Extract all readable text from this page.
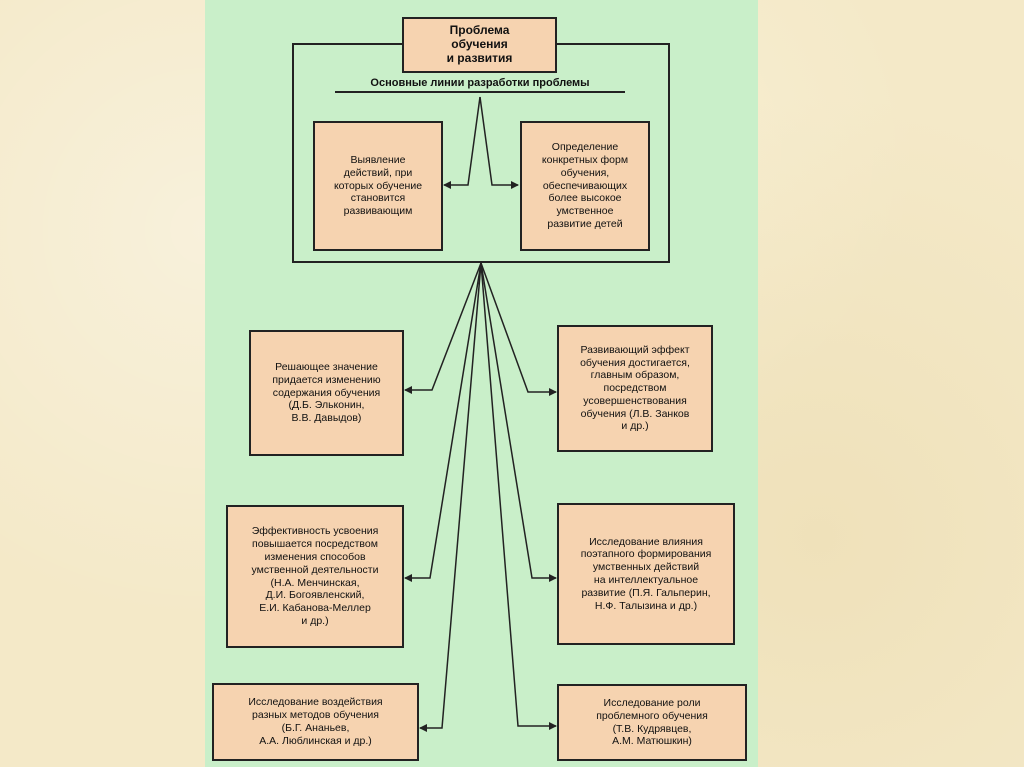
Проблема
обучения
и развития
Основные линии разработки проблемы
Выявление
действий, при
которых обучение
становится
развивающим
Определение
конкретных форм
обучения,
обеспечивающих
более высокое
умственное
развитие детей
Решающее значение
придается изменению
содержания обучения
(Д.Б. Эльконин,
В.В. Давыдов)
Развивающий эффект
обучения достигается,
главным образом,
посредством
усовершенствования
обучения (Л.В. Занков
и др.)
Эффективность усвоения
повышается посредством
изменения способов
умственной деятельности
(Н.А. Менчинская,
Д.И. Богоявленский,
Е.И. Кабанова-Меллер
и др.)
Исследование влияния
поэтапного формирования
умственных действий
на интеллектуальное
развитие (П.Я. Гальперин,
Н.Ф. Талызина и др.)
Исследование воздействия
разных методов обучения
(Б.Г. Ананьев,
А.А. Люблинская и др.)
Исследование роли
проблемного обучения
(Т.В. Кудрявцев,
А.М. Матюшкин)
